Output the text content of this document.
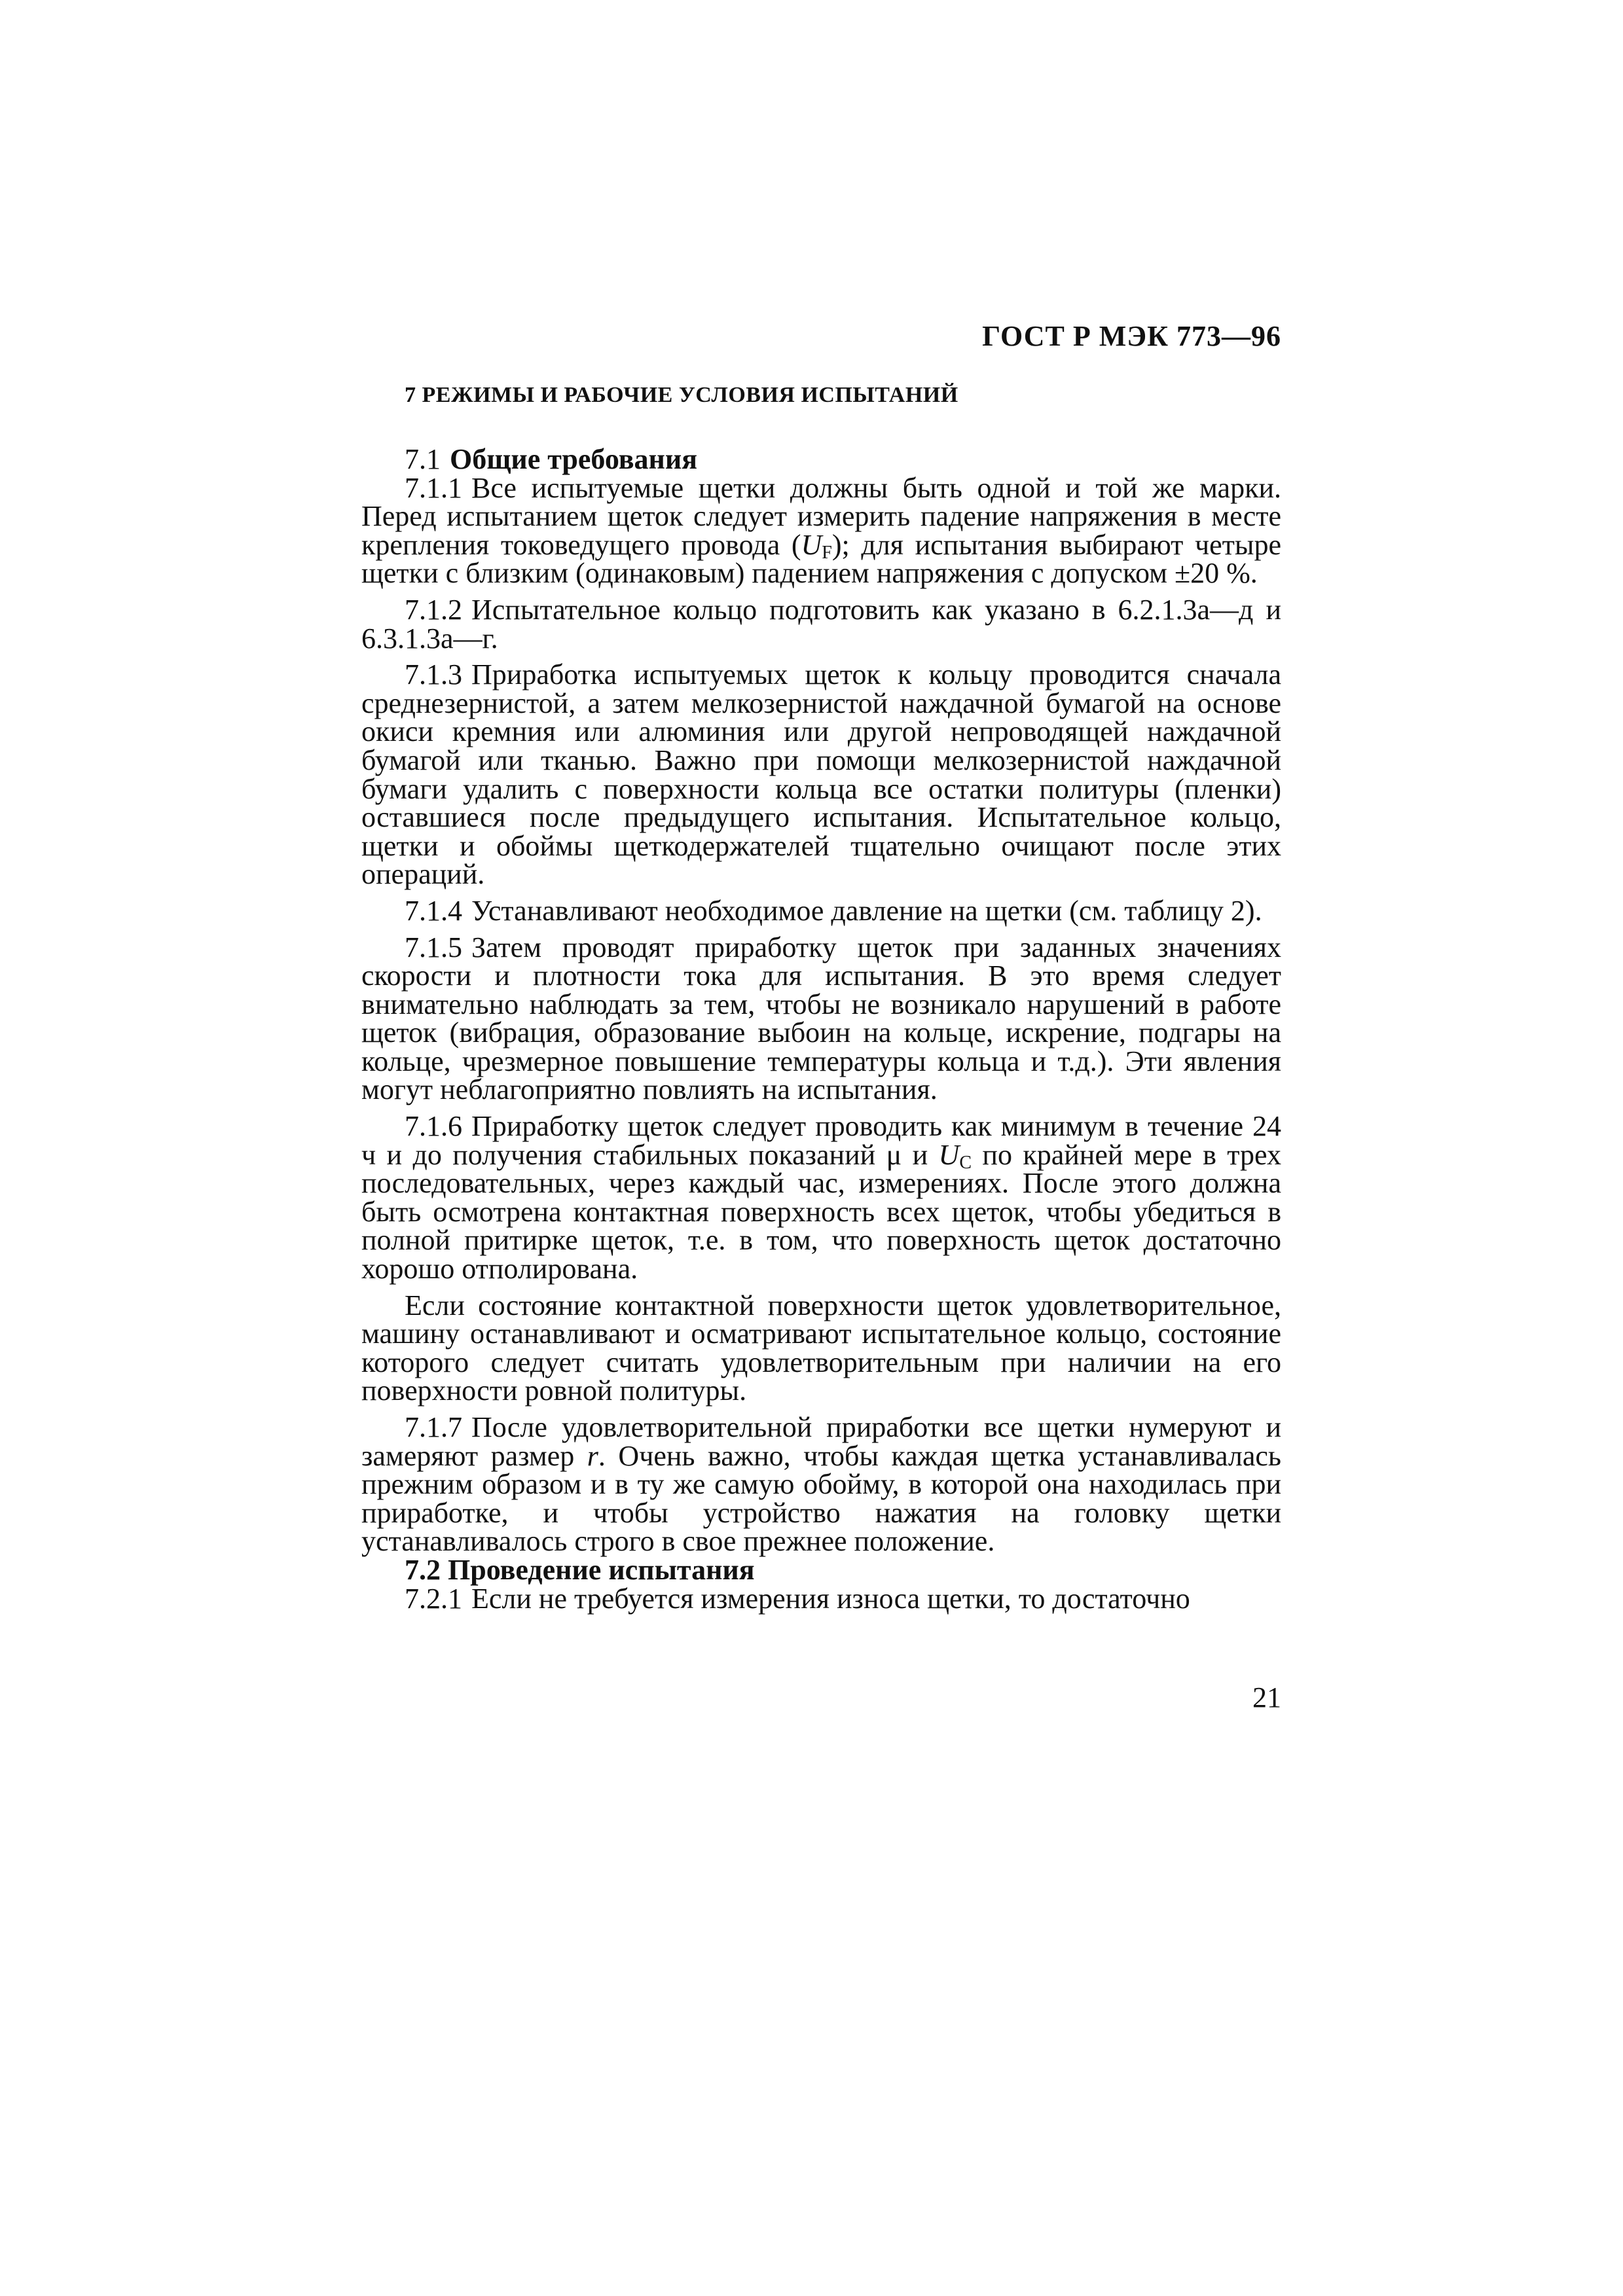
ГОСТ Р МЭК 773—96
7 РЕЖИМЫ И РАБОЧИЕ УСЛОВИЯ ИСПЫТАНИЙ

7.1 Общие требования

7.1.1 Все испытуемые щетки должны быть одной и той же марки. Перед испытанием щеток следует измерить падение напряжения в месте крепления токоведущего провода $(U_F)$; для испытания выбирают четыре щетки с близким (одинаковым) падением напряжения с допуском ±20 %.

7.1.2 Испытательное кольцо подготовить как указано в 6.2.1.3а—д и 6.3.1.3а—г.

7.1.3 Приработка испытуемых щеток к кольцу проводится сначала среднезернистой, а затем мелкозернистой наждачной бумагой на основе окиси кремния или алюминия или другой непроводящей наждачной бумагой или тканью. Важно при помощи мелкозернистой наждачной бумаги удалить с поверхности кольца все остатки политуры (пленки) оставшиеся после предыдущего испытания. Испытательное кольцо, щетки и обоймы щеткодержателей тщательно очищают после этих операций.

7.1.4 Устанавливают необходимое давление на щетки (см. таблицу 2).

7.1.5 Затем проводят приработку щеток при заданных значениях скорости и плотности тока для испытания. В это время следует внимательно наблюдать за тем, чтобы не возникало нарушений в работе щеток (вибрация, образование выбоин на кольце, искрение, подгары на кольце, чрезмерное повышение температуры кольца и т.д.). Эти явления могут неблагоприятно повлиять на испытания.

7.1.6 Приработку щеток следует проводить как минимум в течение 24 ч и до получения стабильных показаний μ и $U_C$ по крайней мере в трех последовательных, через каждый час, измерениях. После этого должна быть осмотрена контактная поверхность всех щеток, чтобы убедиться в полной притирке щеток, т.е. в том, что поверхность щеток достаточно хорошо отполирована.

Если состояние контактной поверхности щеток удовлетворительное, машину останавливают и осматривают испытательное кольцо, состояние которого следует считать удовлетворительным при наличии на его поверхности ровной политуры.

7.1.7 После удовлетворительной приработки все щетки нумеруют и замеряют размер r. Очень важно, чтобы каждая щетка устанавливалась прежним образом и в ту же самую обойму, в которой она находилась при приработке, и чтобы устройство нажатия на головку щетки устанавливалось строго в свое прежнее положение.

7.2 Проведение испытания

7.2.1 Если не требуется измерения износа щетки, то достаточно

21
